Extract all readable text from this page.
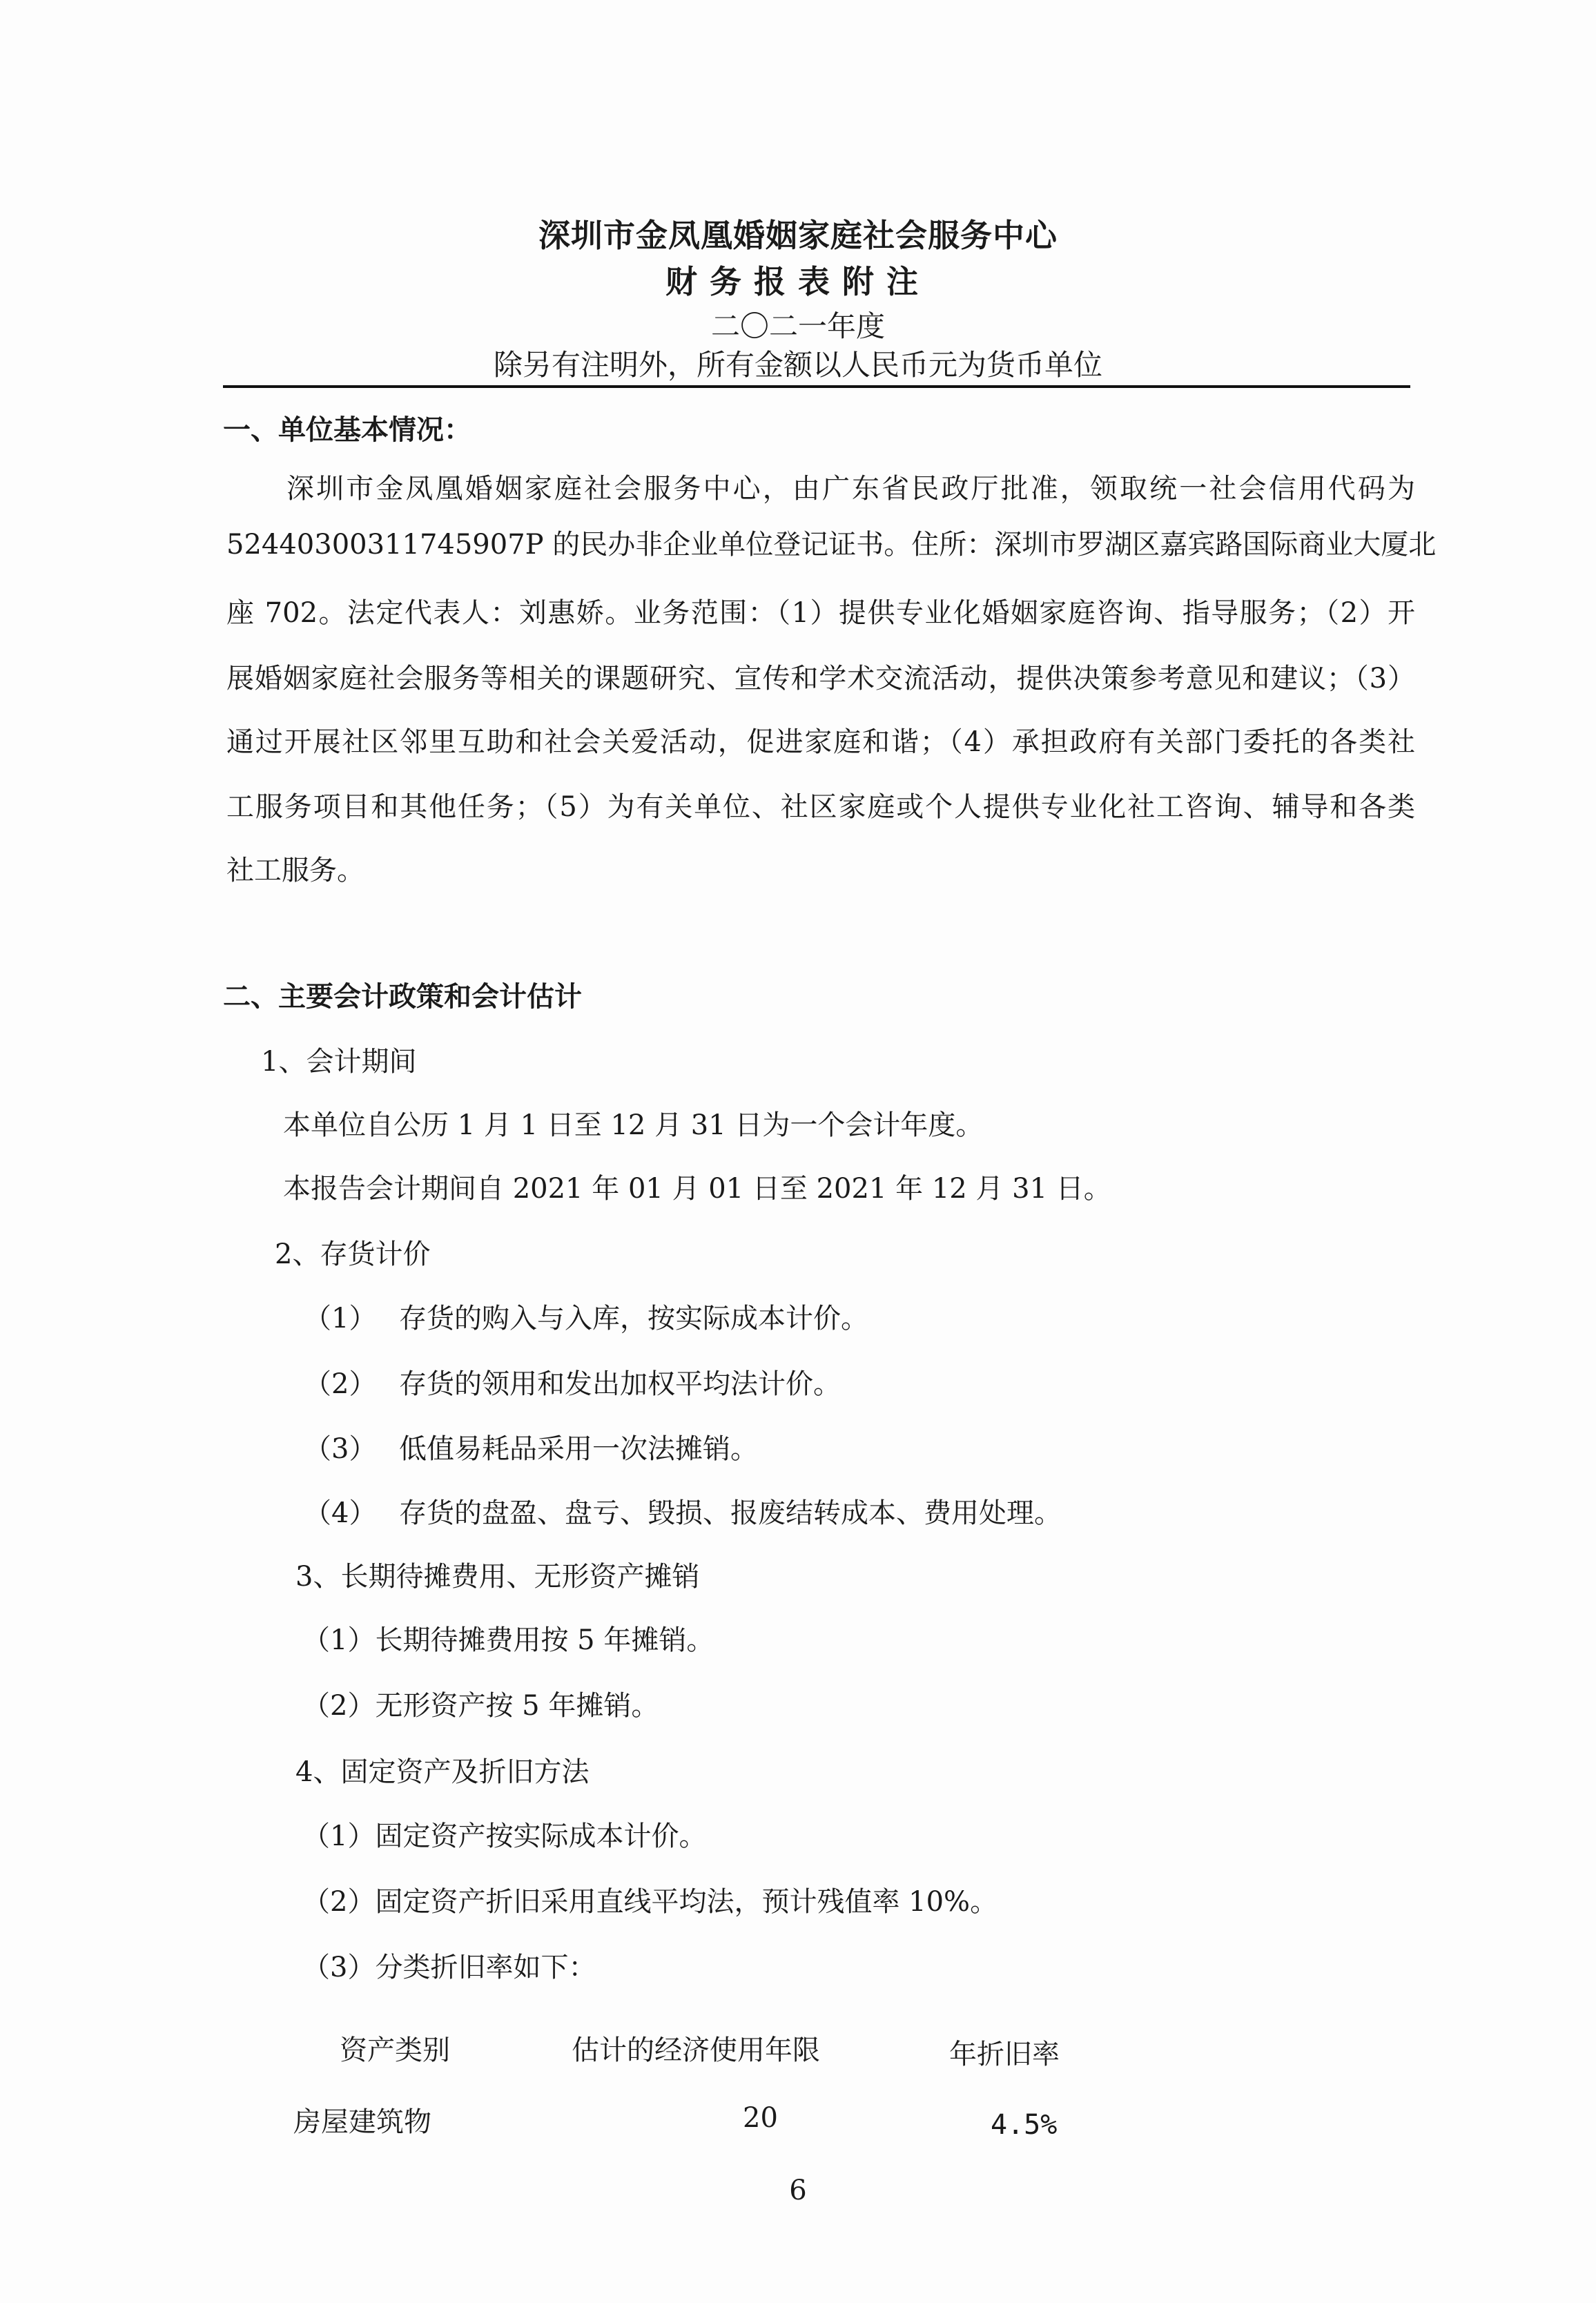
深圳市金凤凰婚姻家庭社会服务中心
财务报表附注
二〇二一年度
除另有注明外，所有金额以人民币元为货币单位
一、单位基本情况：
深圳市金凤凰婚姻家庭社会服务中心，由广东省民政厅批准，领取统一社会信用代码为
52440300311745907P 的民办非企业单位登记证书。住所：深圳市罗湖区嘉宾路国际商业大厦北
座 702。法定代表人：刘惠娇。业务范围：（1）提供专业化婚姻家庭咨询、指导服务；（2）开
展婚姻家庭社会服务等相关的课题研究、宣传和学术交流活动，提供决策参考意见和建议；（3）
通过开展社区邻里互助和社会关爱活动，促进家庭和谐；（4）承担政府有关部门委托的各类社
工服务项目和其他任务；（5）为有关单位、社区家庭或个人提供专业化社工咨询、辅导和各类
社工服务。
二、主要会计政策和会计估计
1、会计期间
本单位自公历 1 月 1 日至 12 月 31 日为一个会计年度。
本报告会计期间自 2021 年 01 月 01 日至 2021 年 12 月 31 日。
2、存货计价
（1） 存货的购入与入库，按实际成本计价。
（2） 存货的领用和发出加权平均法计价。
（3） 低值易耗品采用一次法摊销。
（4） 存货的盘盈、盘亏、毁损、报废结转成本、费用处理。
3、长期待摊费用、无形资产摊销
（1）长期待摊费用按 5 年摊销。
（2）无形资产按 5 年摊销。
4、固定资产及折旧方法
（1）固定资产按实际成本计价。
（2）固定资产折旧采用直线平均法，预计残值率 10%。
（3）分类折旧率如下：
资产类别	估计的经济使用年限	年折旧率
房屋建筑物	20	4.5%
6
